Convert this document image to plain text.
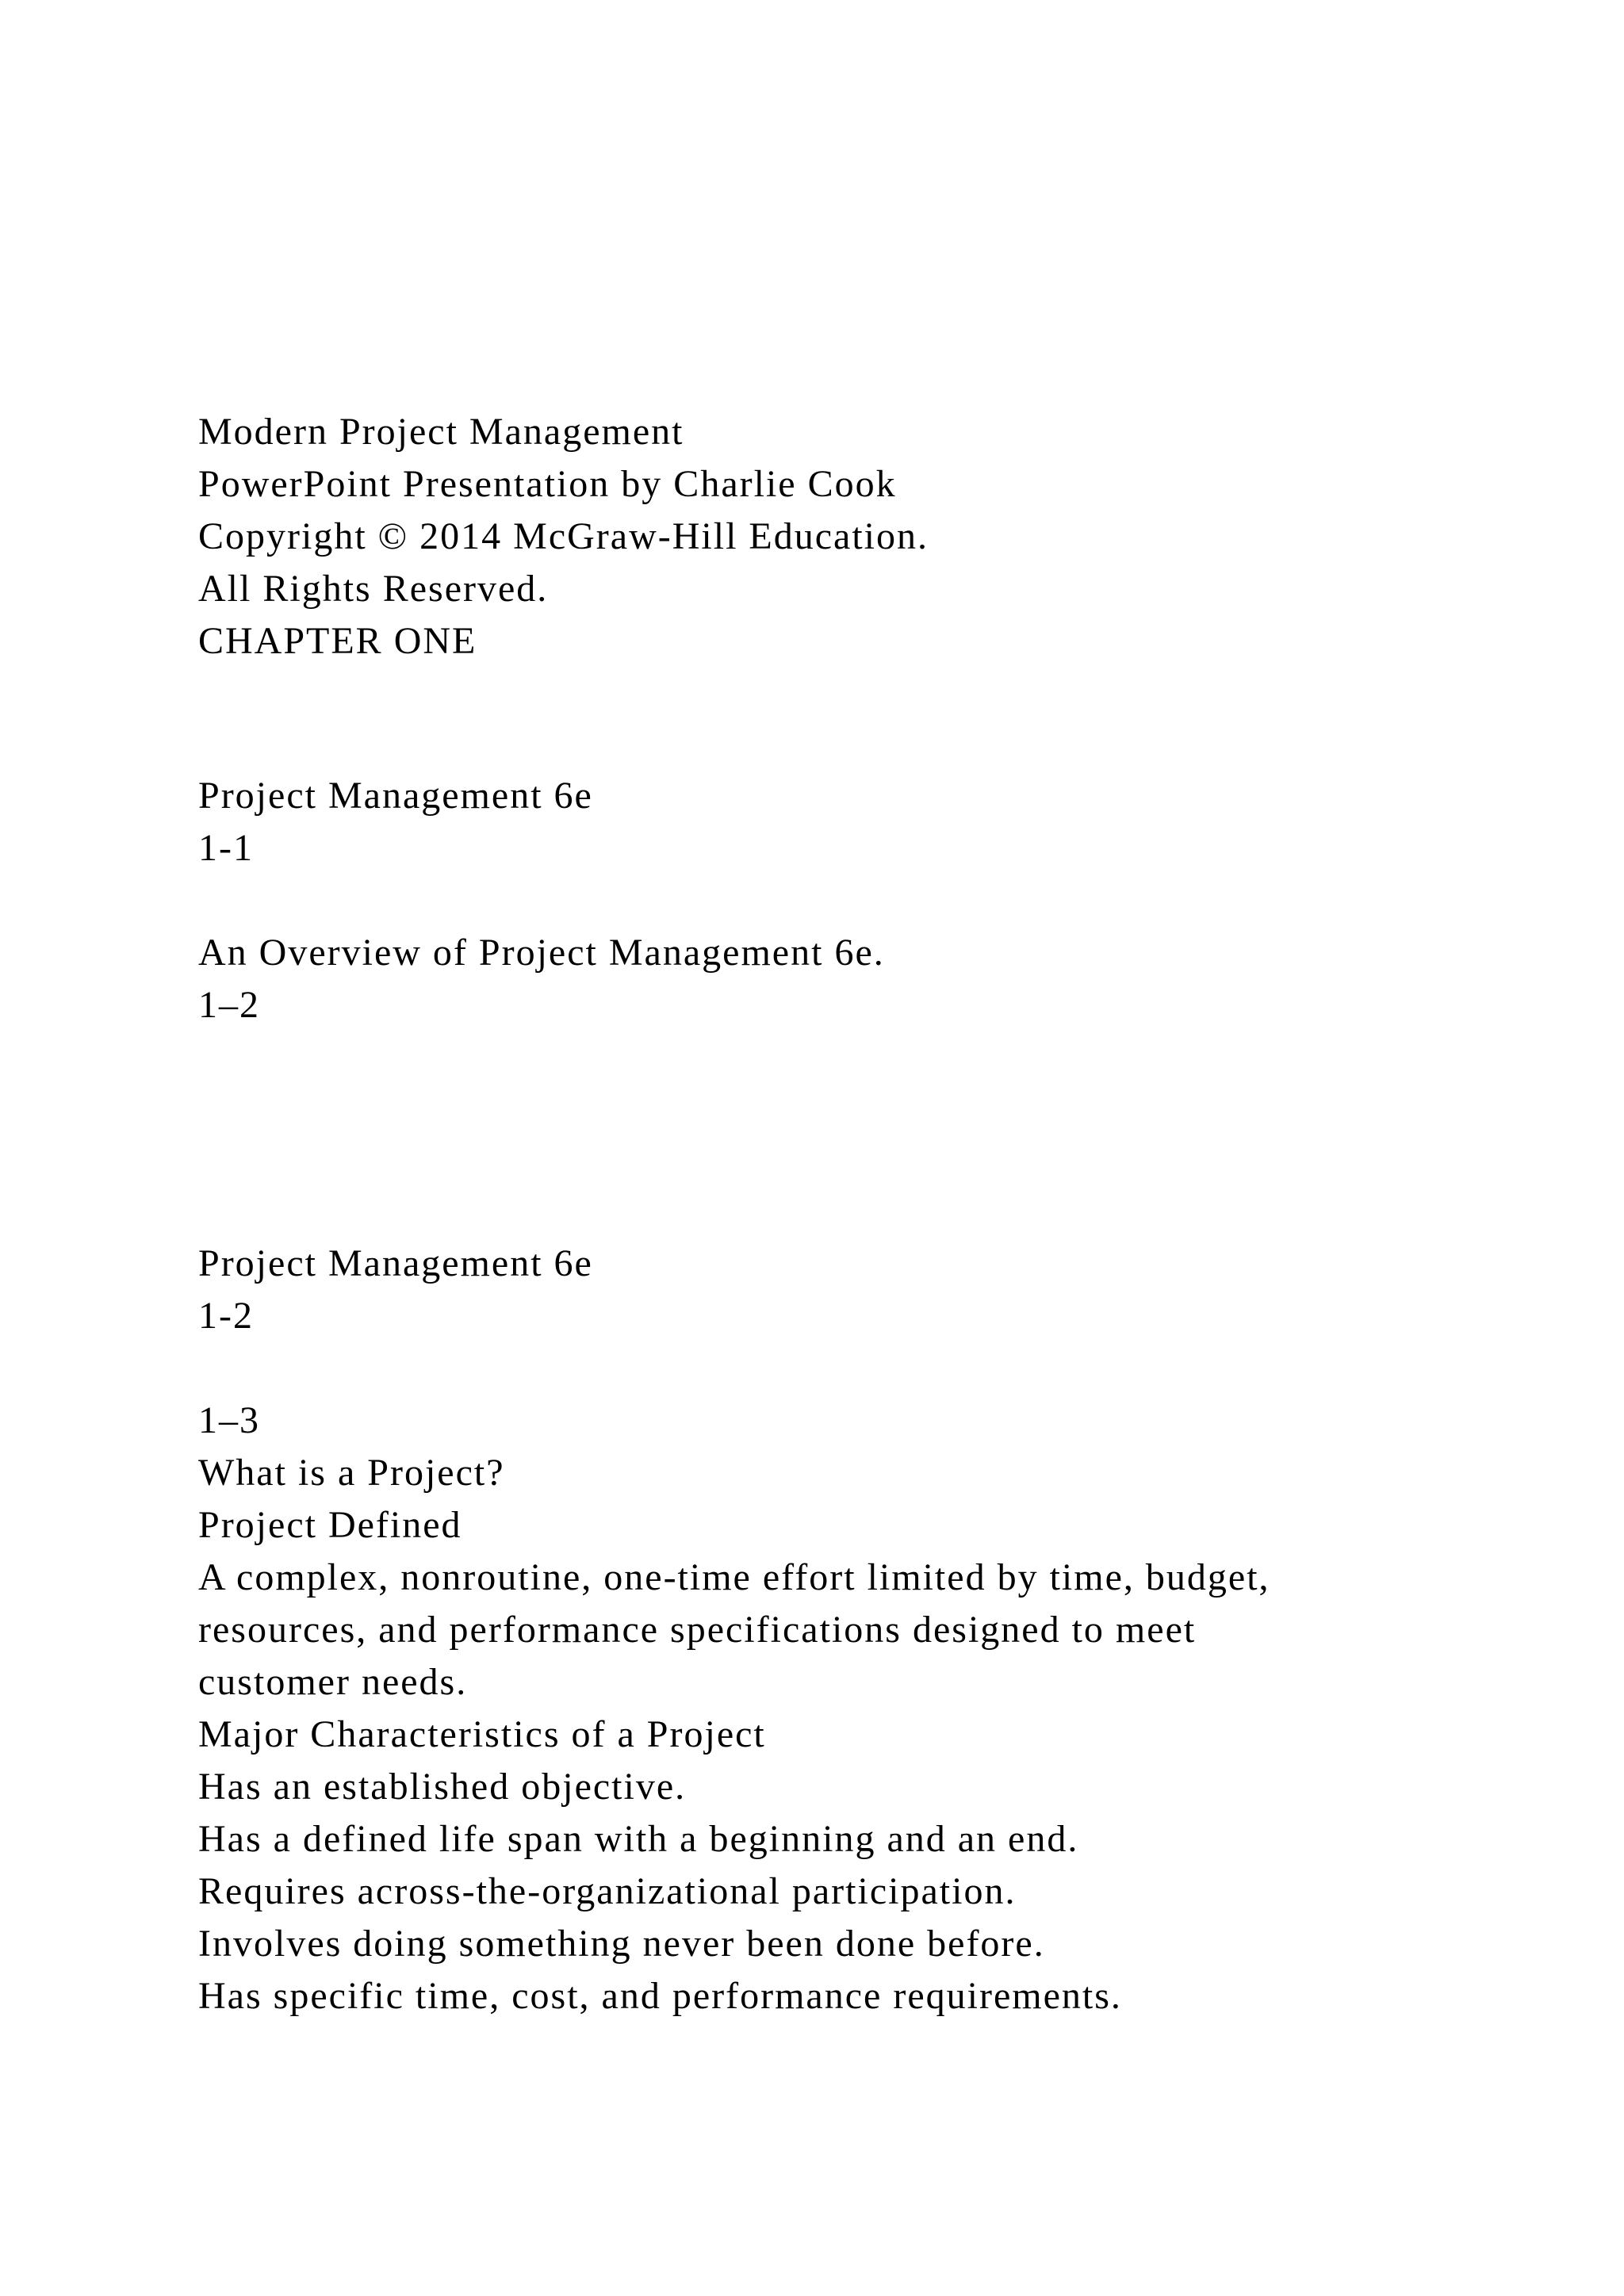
Modern Project Management
PowerPoint Presentation by Charlie Cook
Copyright © 2014 McGraw-Hill Education.
All Rights Reserved.
CHAPTER ONE
Project Management 6e
1-1
An Overview of Project Management 6e.
1–2
Project Management 6e
1-2
1–3
What is a Project?
Project Defined
A complex, nonroutine, one-time effort limited by time, budget,
resources, and performance specifications designed to meet
customer needs.
Major Characteristics of a Project
Has an established objective.
Has a defined life span with a beginning and an end.
Requires across-the-organizational participation.
Involves doing something never been done before.
Has specific time, cost, and performance requirements.
